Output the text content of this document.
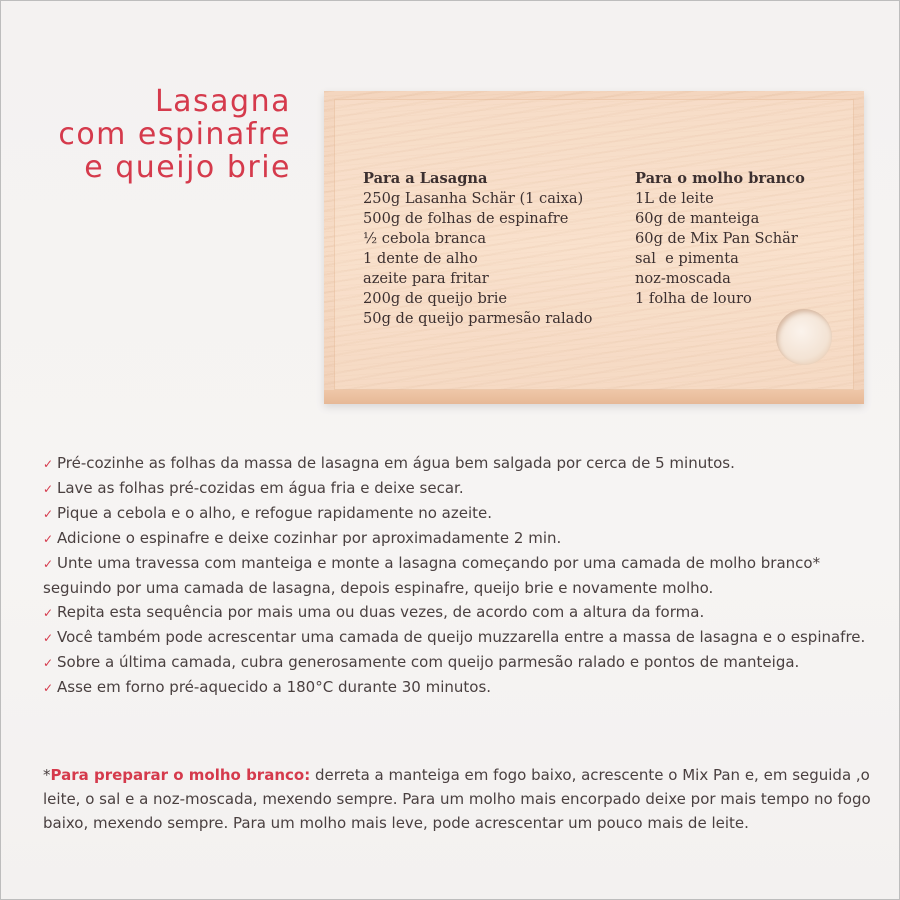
Lasagna
com espinafre
e queijo brie	Para a Lasagna
250g Lasanha Schär (1 caixa)
500g de folhas de espinafre
½ cebola branca
1 dente de alho
azeite para fritar
200g de queijo brie
50g de queijo parmesão ralado
Para o molho branco
1L de leite
60g de manteiga
60g de Mix Pan Schär
sal  e pimenta
noz-moscada
1 folha de louro
✓ Pré-cozinhe as folhas da massa de lasagna em água bem salgada por cerca de 5 minutos.
✓ Lave as folhas pré-cozidas em água fria e deixe secar.
✓ Pique a cebola e o alho, e refogue rapidamente no azeite.
✓ Adicione o espinafre e deixe cozinhar por aproximadamente 2 min.
✓ Unte uma travessa com manteiga e monte a lasagna começando por uma camada de molho branco* seguindo por uma camada de lasagna, depois espinafre, queijo brie e novamente molho.
✓ Repita esta sequência por mais uma ou duas vezes, de acordo com a altura da forma.
✓ Você também pode acrescentar uma camada de queijo muzzarella entre a massa de lasagna e o espinafre.
✓ Sobre a última camada, cubra generosamente com queijo parmesão ralado e pontos de manteiga.
✓ Asse em forno pré-aquecido a 180°C durante 30 minutos.
*Para preparar o molho branco: derreta a manteiga em fogo baixo, acrescente o Mix Pan e, em seguida ,o leite, o sal e a noz-moscada, mexendo sempre. Para um molho mais encorpado deixe por mais tempo no fogo baixo, mexendo sempre. Para um molho mais leve, pode acrescentar um pouco mais de leite.
